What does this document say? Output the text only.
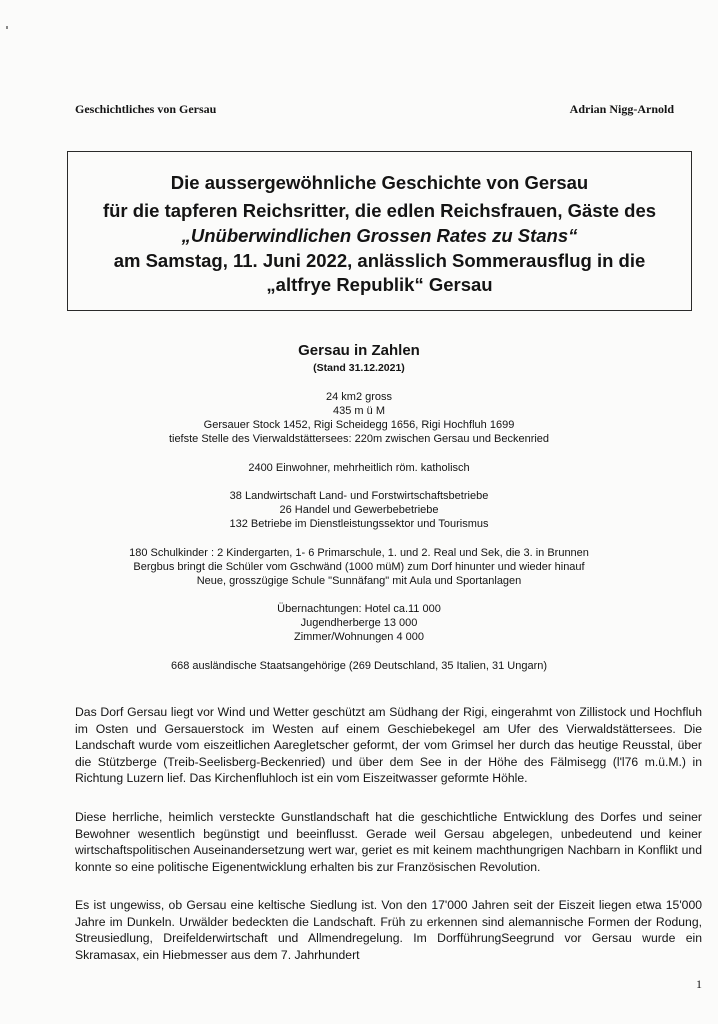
Geschichtliches von Gersau	Adrian Nigg-Arnold
Die aussergewöhnliche Geschichte von Gersau
für die tapferen Reichsritter, die edlen Reichsfrauen, Gäste des
„Unüberwindlichen Grossen Rates zu Stans“
am Samstag, 11. Juni 2022, anlässlich Sommerausflug in die
„altfrye Republik“ Gersau
Gersau in Zahlen
(Stand 31.12.2021)
24 km2 gross
435 m ü M
Gersauer Stock 1452, Rigi Scheidegg 1656, Rigi Hochfluh 1699
tiefste Stelle des Vierwaldstättersees: 220m zwischen Gersau und Beckenried
2400 Einwohner, mehrheitlich röm. katholisch
38 Landwirtschaft Land- und Forstwirtschaftsbetriebe
26 Handel und Gewerbebetriebe
132 Betriebe im Dienstleistungssektor und Tourismus
180 Schulkinder : 2 Kindergarten, 1- 6 Primarschule, 1. und 2. Real und Sek, die 3. in Brunnen
Bergbus bringt die Schüler vom Gschwänd (1000 müM) zum Dorf hinunter und wieder hinauf
Neue, grosszügige Schule "Sunnäfang" mit Aula und Sportanlagen
Übernachtungen: Hotel ca.11 000
Jugendherberge 13 000
Zimmer/Wohnungen 4 000
668 ausländische Staatsangehörige (269 Deutschland, 35 Italien, 31 Ungarn)
Das Dorf Gersau liegt vor Wind und Wetter geschützt am Südhang der Rigi, eingerahmt von Zillistock und Hochfluh im Osten und Gersauerstock im Westen auf einem Geschiebekegel am Ufer des Vierwaldstättersees. Die Landschaft wurde vom eiszeitlichen Aaregletscher geformt, der vom Grimsel her durch das heutige Reusstal, über die Stützberge (Treib-Seelisberg-Beckenried) und über dem See in der Höhe des Fälmisegg (l'l76 m.ü.M.) in Richtung Luzern lief. Das Kirchenfluhloch ist ein vom Eiszeitwasser geformte Höhle.
Diese herrliche, heimlich versteckte Gunstlandschaft hat die geschichtliche Entwicklung des Dorfes und seiner Bewohner wesentlich begünstigt und beeinflusst. Gerade weil Gersau abgelegen, unbedeutend und keiner wirtschaftspolitischen Auseinandersetzung wert war, geriet es mit keinem machthungrigen Nachbarn in Konflikt und konnte so eine politische Eigenentwicklung erhalten bis zur Französischen Revolution.
Es ist ungewiss, ob Gersau eine keltische Siedlung ist. Von den 17'000 Jahren seit der Eiszeit liegen etwa 15'000 Jahre im Dunkeln. Urwälder bedeckten die Landschaft. Früh zu erkennen sind alemannische Formen der Rodung, Streusiedlung, Dreifelderwirtschaft und Allmendregelung. Im DorfführungSeegrund vor Gersau wurde ein Skramasax, ein Hiebmesser aus dem 7. Jahrhundert
1
